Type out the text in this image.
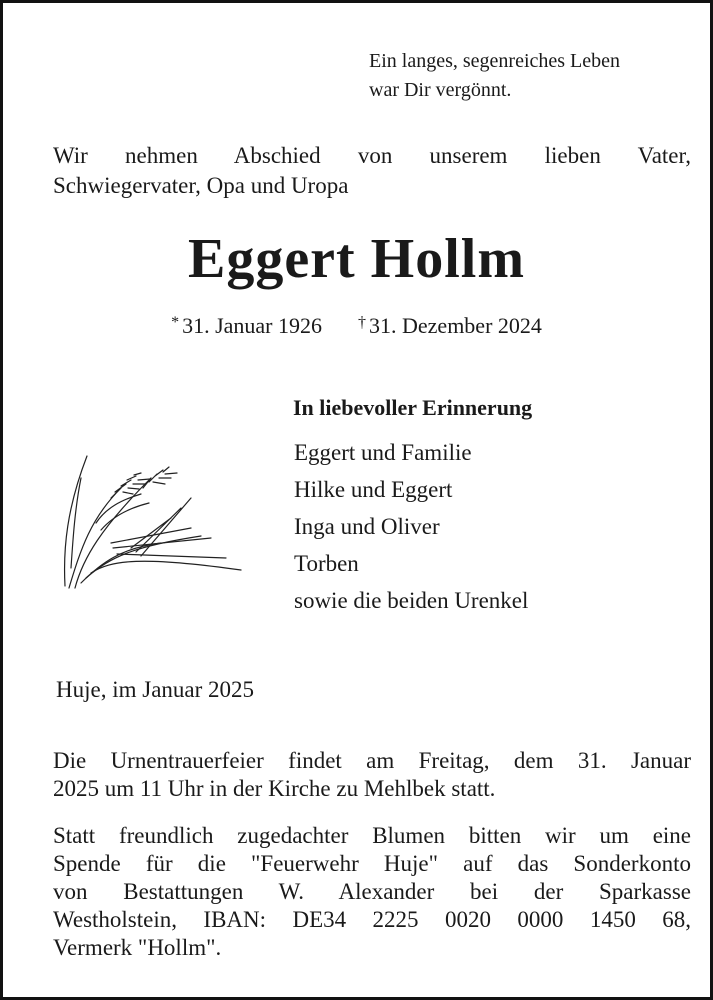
Ein langes, segenreiches Leben
war Dir vergönnt.
Wir nehmen Abschied von unserem lieben Vater,
Schwiegervater, Opa und Uropa
Eggert Hollm
* 31. Januar 1926 † 31. Dezember 2024
In liebevoller Erinnerung
Eggert und Familie
Hilke und Eggert
Inga und Oliver
Torben
sowie die beiden Urenkel
Huje, im Januar 2025
Die Urnentrauerfeier findet am Freitag, dem 31. Januar
2025 um 11 Uhr in der Kirche zu Mehlbek statt.
Statt freundlich zugedachter Blumen bitten wir um eine
Spende für die "Feuerwehr Huje" auf das Sonderkonto
von Bestattungen W. Alexander bei der Sparkasse
Westholstein, IBAN: DE34 2225 0020 0000 1450 68,
Vermerk "Hollm".
